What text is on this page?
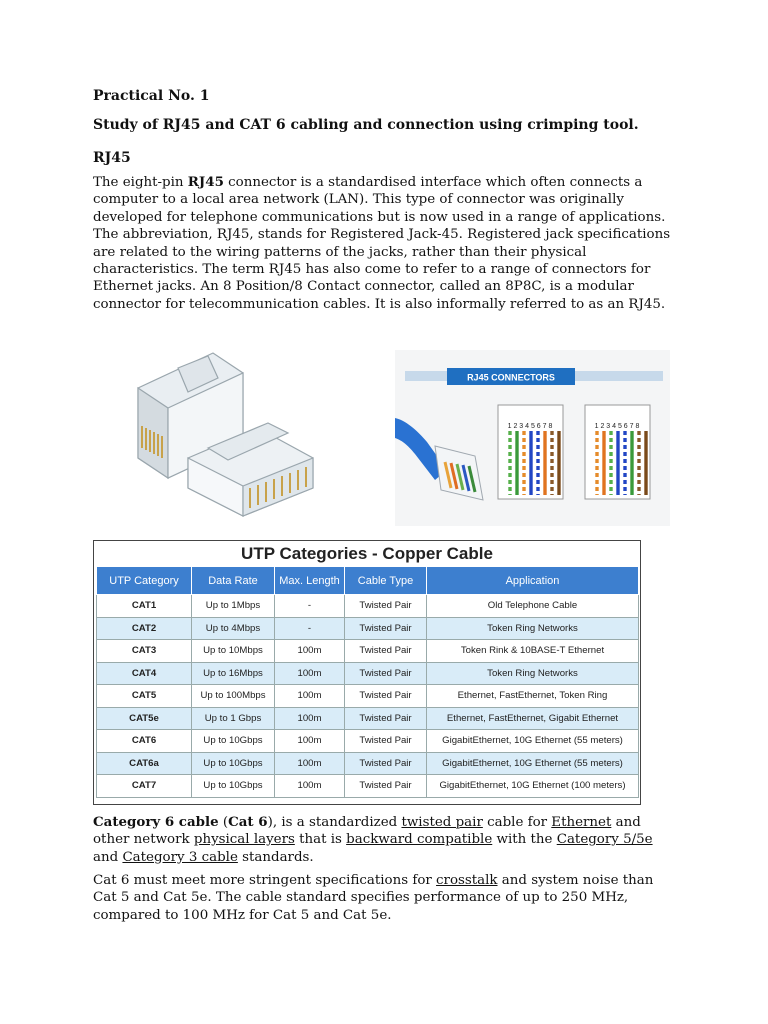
Practical No. 1
Study of RJ45 and CAT 6 cabling and connection using crimping tool.
RJ45
The eight-pin RJ45 connector is a standardised interface which often connects a computer to a local area network (LAN). This type of connector was originally developed for telephone communications but is now used in a range of applications. The abbreviation, RJ45, stands for Registered Jack-45. Registered jack specifications are related to the wiring patterns of the jacks, rather than their physical characteristics. The term RJ45 has also come to refer to a range of connectors for Ethernet jacks. An 8 Position/8 Contact connector, called an 8P8C, is a modular connector for telecommunication cables. It is also informally referred to as an RJ45.
RJ45 CONNECTORS
1 2 3 4 5 6 7 8	1 2 3 4 5 6 7 8
UTP Categories - Copper Cable
UTP Category	Data Rate	Max. Length	Cable Type	Application
CAT1	Up to 1Mbps	-	Twisted Pair	Old Telephone Cable
CAT2	Up to 4Mbps	-	Twisted Pair	Token Ring Networks
CAT3	Up to 10Mbps	100m	Twisted Pair	Token Rink & 10BASE-T Ethernet
CAT4	Up to 16Mbps	100m	Twisted Pair	Token Ring Networks
CAT5	Up to 100Mbps	100m	Twisted Pair	Ethernet, FastEthernet, Token Ring
CAT5e	Up to 1 Gbps	100m	Twisted Pair	Ethernet, FastEthernet, Gigabit Ethernet
CAT6	Up to 10Gbps	100m	Twisted Pair	GigabitEthernet, 10G Ethernet (55 meters)
CAT6a	Up to 10Gbps	100m	Twisted Pair	GigabitEthernet, 10G Ethernet (55 meters)
CAT7	Up to 10Gbps	100m	Twisted Pair	GigabitEthernet, 10G Ethernet (100 meters)
Category 6 cable (Cat 6), is a standardized twisted pair cable for Ethernet and other network physical layers that is backward compatible with the Category 5/5e and Category 3 cable standards.
Cat 6 must meet more stringent specifications for crosstalk and system noise than Cat 5 and Cat 5e. The cable standard specifies performance of up to 250 MHz, compared to 100 MHz for Cat 5 and Cat 5e.
